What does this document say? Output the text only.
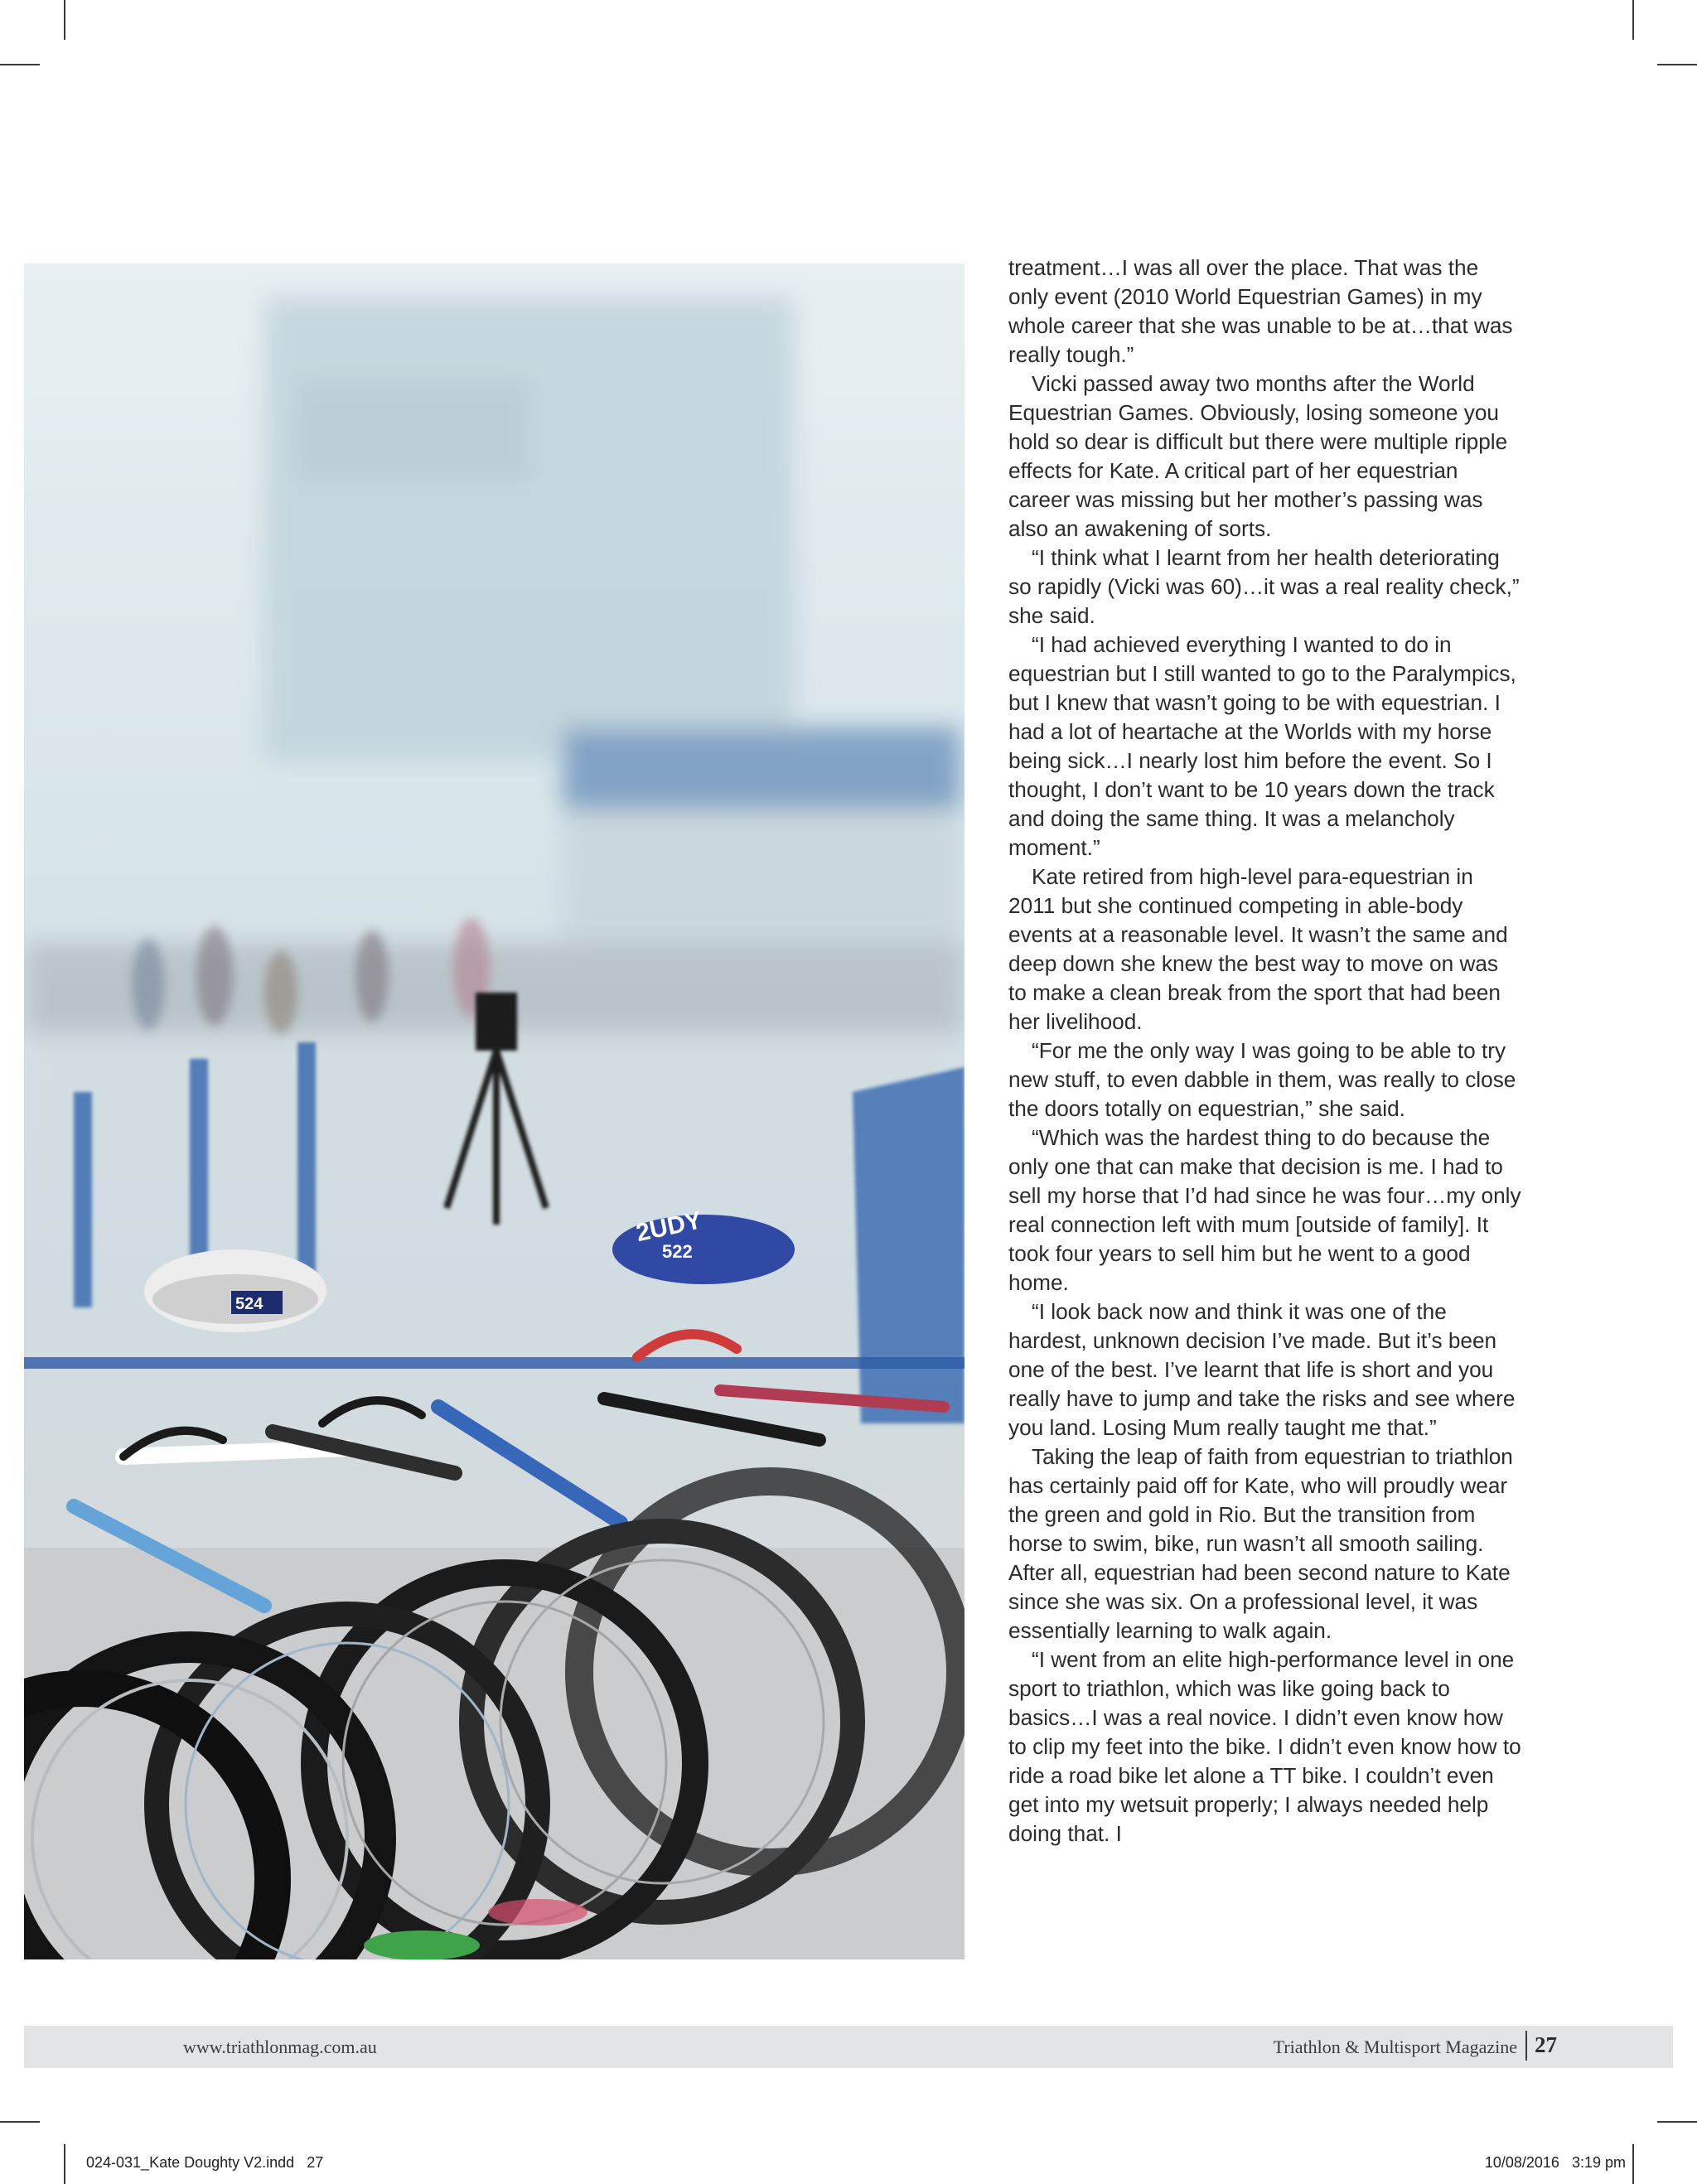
522
2UDY
524

treatment…I was all over the place. That was the only event (2010 World Equestrian Games) in my whole career that she was unable to be at…that was really tough.”

Vicki passed away two months after the World Equestrian Games. Obviously, losing someone you hold so dear is difficult but there were multiple ripple effects for Kate. A critical part of her equestrian career was missing but her mother’s passing was also an awakening of sorts.

“I think what I learnt from her health deteriorating so rapidly (Vicki was 60)…it was a real reality check,” she said.

“I had achieved everything I wanted to do in equestrian but I still wanted to go to the Paralympics, but I knew that wasn’t going to be with equestrian. I had a lot of heartache at the Worlds with my horse being sick…I nearly lost him before the event. So I thought, I don’t want to be 10 years down the track and doing the same thing. It was a melancholy moment.”

Kate retired from high-level para-equestrian in 2011 but she continued competing in able-body events at a reasonable level. It wasn’t the same and deep down she knew the best way to move on was to make a clean break from the sport that had been her livelihood.

“For me the only way I was going to be able to try new stuff, to even dabble in them, was really to close the doors totally on equestrian,” she said.

“Which was the hardest thing to do because the only one that can make that decision is me. I had to sell my horse that I’d had since he was four…my only real connection left with mum [outside of family]. It took four years to sell him but he went to a good home.

“I look back now and think it was one of the hardest, unknown decision I’ve made. But it’s been one of the best. I’ve learnt that life is short and you really have to jump and take the risks and see where you land. Losing Mum really taught me that.”

Taking the leap of faith from equestrian to triathlon has certainly paid off for Kate, who will proudly wear the green and gold in Rio. But the transition from horse to swim, bike, run wasn’t all smooth sailing. After all, equestrian had been second nature to Kate since she was six. On a professional level, it was essentially learning to walk again.

“I went from an elite high-performance level in one sport to triathlon, which was like going back to basics…I was a real novice. I didn’t even know how to clip my feet into the bike. I didn’t even know how to ride a road bike let alone a TT bike. I couldn’t even get into my wetsuit properly; I always needed help doing that. I

www.triathlonmag.com.au	Triathlon & Multisport Magazine 27
024-031_Kate Doughty V2.indd   27	10/08/2016   3:19 pm
